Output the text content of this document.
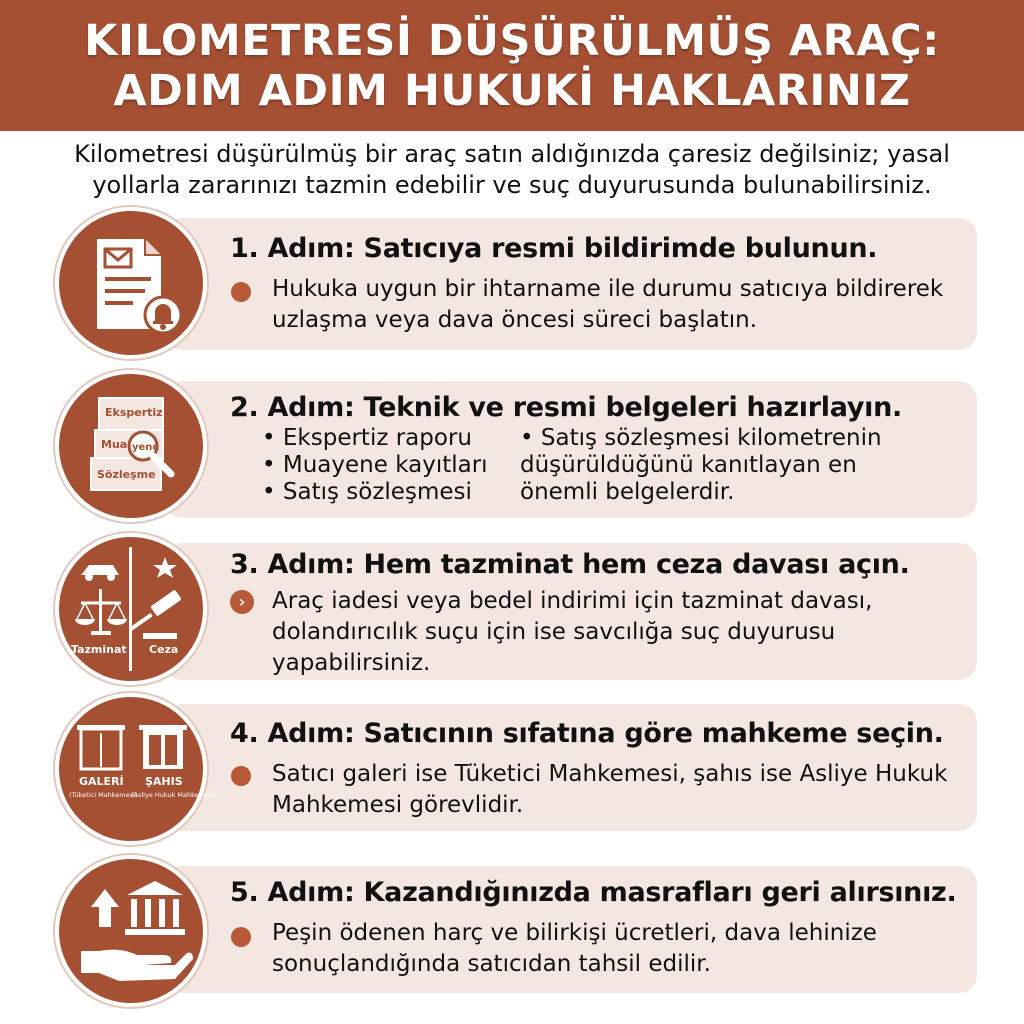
KILOMETRESİ DÜŞÜRÜLMÜŞ ARAÇ:
ADIM ADIM HUKUKİ HAKLARINIZ
Kilometresi düşürülmüş bir araç satın aldığınızda çaresiz değilsiniz; yasal yollarla zararınızı tazmin edebilir ve suç duyurusunda bulunabilirsiniz.
1. Adım: Satıcıya resmi bildirimde bulunun.
Hukuka uygun bir ihtarname ile durumu satıcıya bildirerek uzlaşma veya dava öncesi süreci başlatın.
Ekspertiz
Mua
Sözleşme
yene
2. Adım: Teknik ve resmi belgeleri hazırlayın.
• Ekspertiz raporu
• Muayene kayıtları
• Satış sözleşmesi
• Satış sözleşmesi kilometrenin düşürüldüğünü kanıtlayan en önemli belgelerdir.
Tazminat Ceza
3. Adım: Hem tazminat hem ceza davası açın.
›	Araç iadesi veya bedel indirimi için tazminat davası, dolandırıcılık suçu için ise savcılığa suç duyurusu yapabilirsiniz.
GALERİ
(Tüketici Mahkemesi)
ŞAHIS
(Asliye Hukuk Mahkemesi)
4. Adım: Satıcının sıfatına göre mahkeme seçin.
Satıcı galeri ise Tüketici Mahkemesi, şahıs ise Asliye Hukuk Mahkemesi görevlidir.
5. Adım: Kazandığınızda masrafları geri alırsınız.
Peşin ödenen harç ve bilirkişi ücretleri, dava lehinize sonuçlandığında satıcıdan tahsil edilir.
